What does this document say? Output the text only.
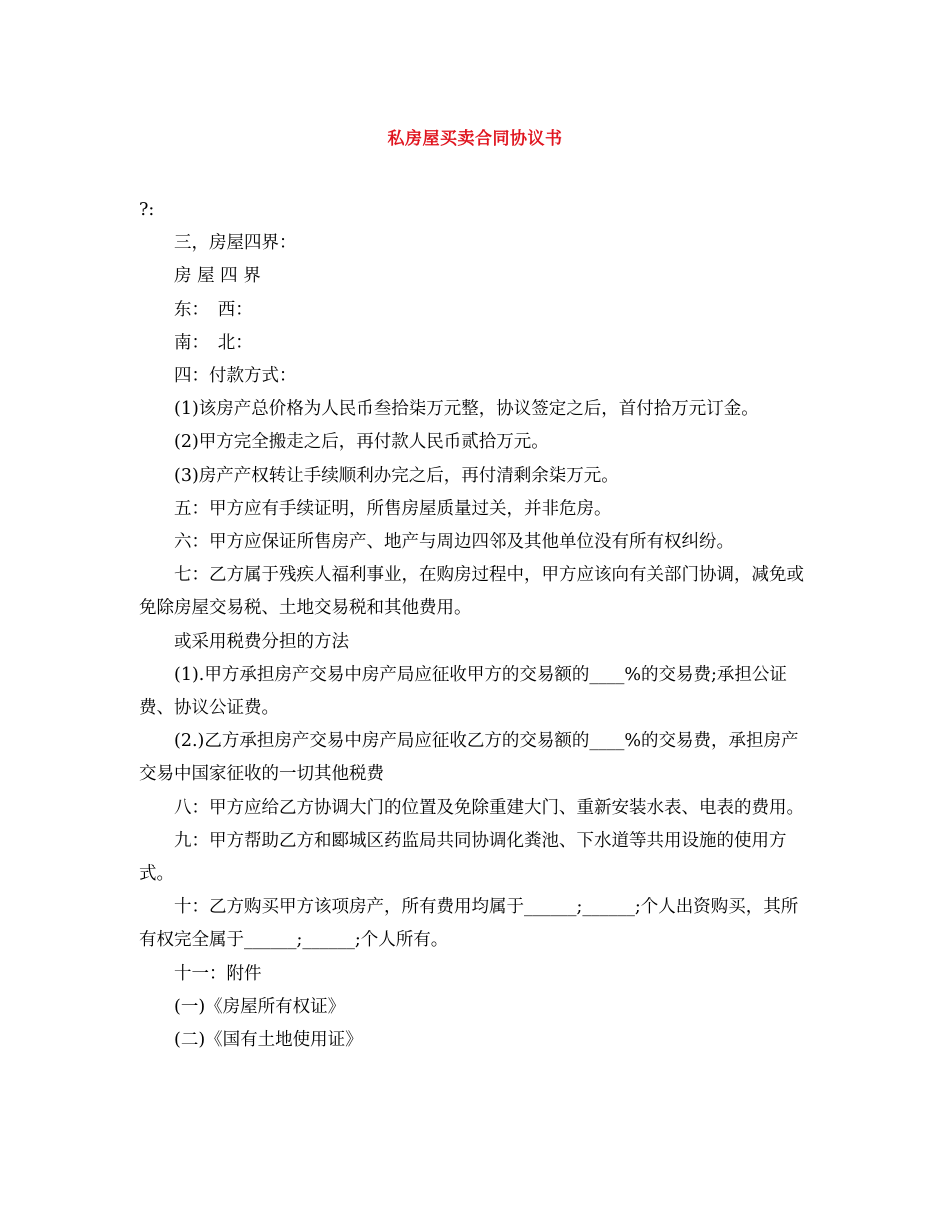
私房屋买卖合同协议书

?:

三，房屋四界：

房 屋 四 界

东：　西：

南：　北：

四：付款方式：

(1)该房产总价格为人民币叁拾柒万元整，协议签定之后，首付拾万元订金。

(2)甲方完全搬走之后，再付款人民币贰拾万元。

(3)房产产权转让手续顺利办完之后，再付清剩余柒万元。

五：甲方应有手续证明，所售房屋质量过关，并非危房。

六：甲方应保证所售房产、地产与周边四邻及其他单位没有所有权纠纷。

七：乙方属于残疾人福利事业，在购房过程中，甲方应该向有关部门协调，减免或免除房屋交易税、土地交易税和其他费用。

或采用税费分担的方法

(1).甲方承担房产交易中房产局应征收甲方的交易额的____%的交易费;承担公证费、协议公证费。

(2.)乙方承担房产交易中房产局应征收乙方的交易额的____%的交易费，承担房产交易中国家征收的一切其他税费

八：甲方应给乙方协调大门的位置及免除重建大门、重新安装水表、电表的费用。

九：甲方帮助乙方和郾城区药监局共同协调化粪池、下水道等共用设施的使用方式。

十：乙方购买甲方该项房产，所有费用均属于______;______;个人出资购买，其所有权完全属于______;______;个人所有。

十一：附件

(一)《房屋所有权证》

(二)《国有土地使用证》
